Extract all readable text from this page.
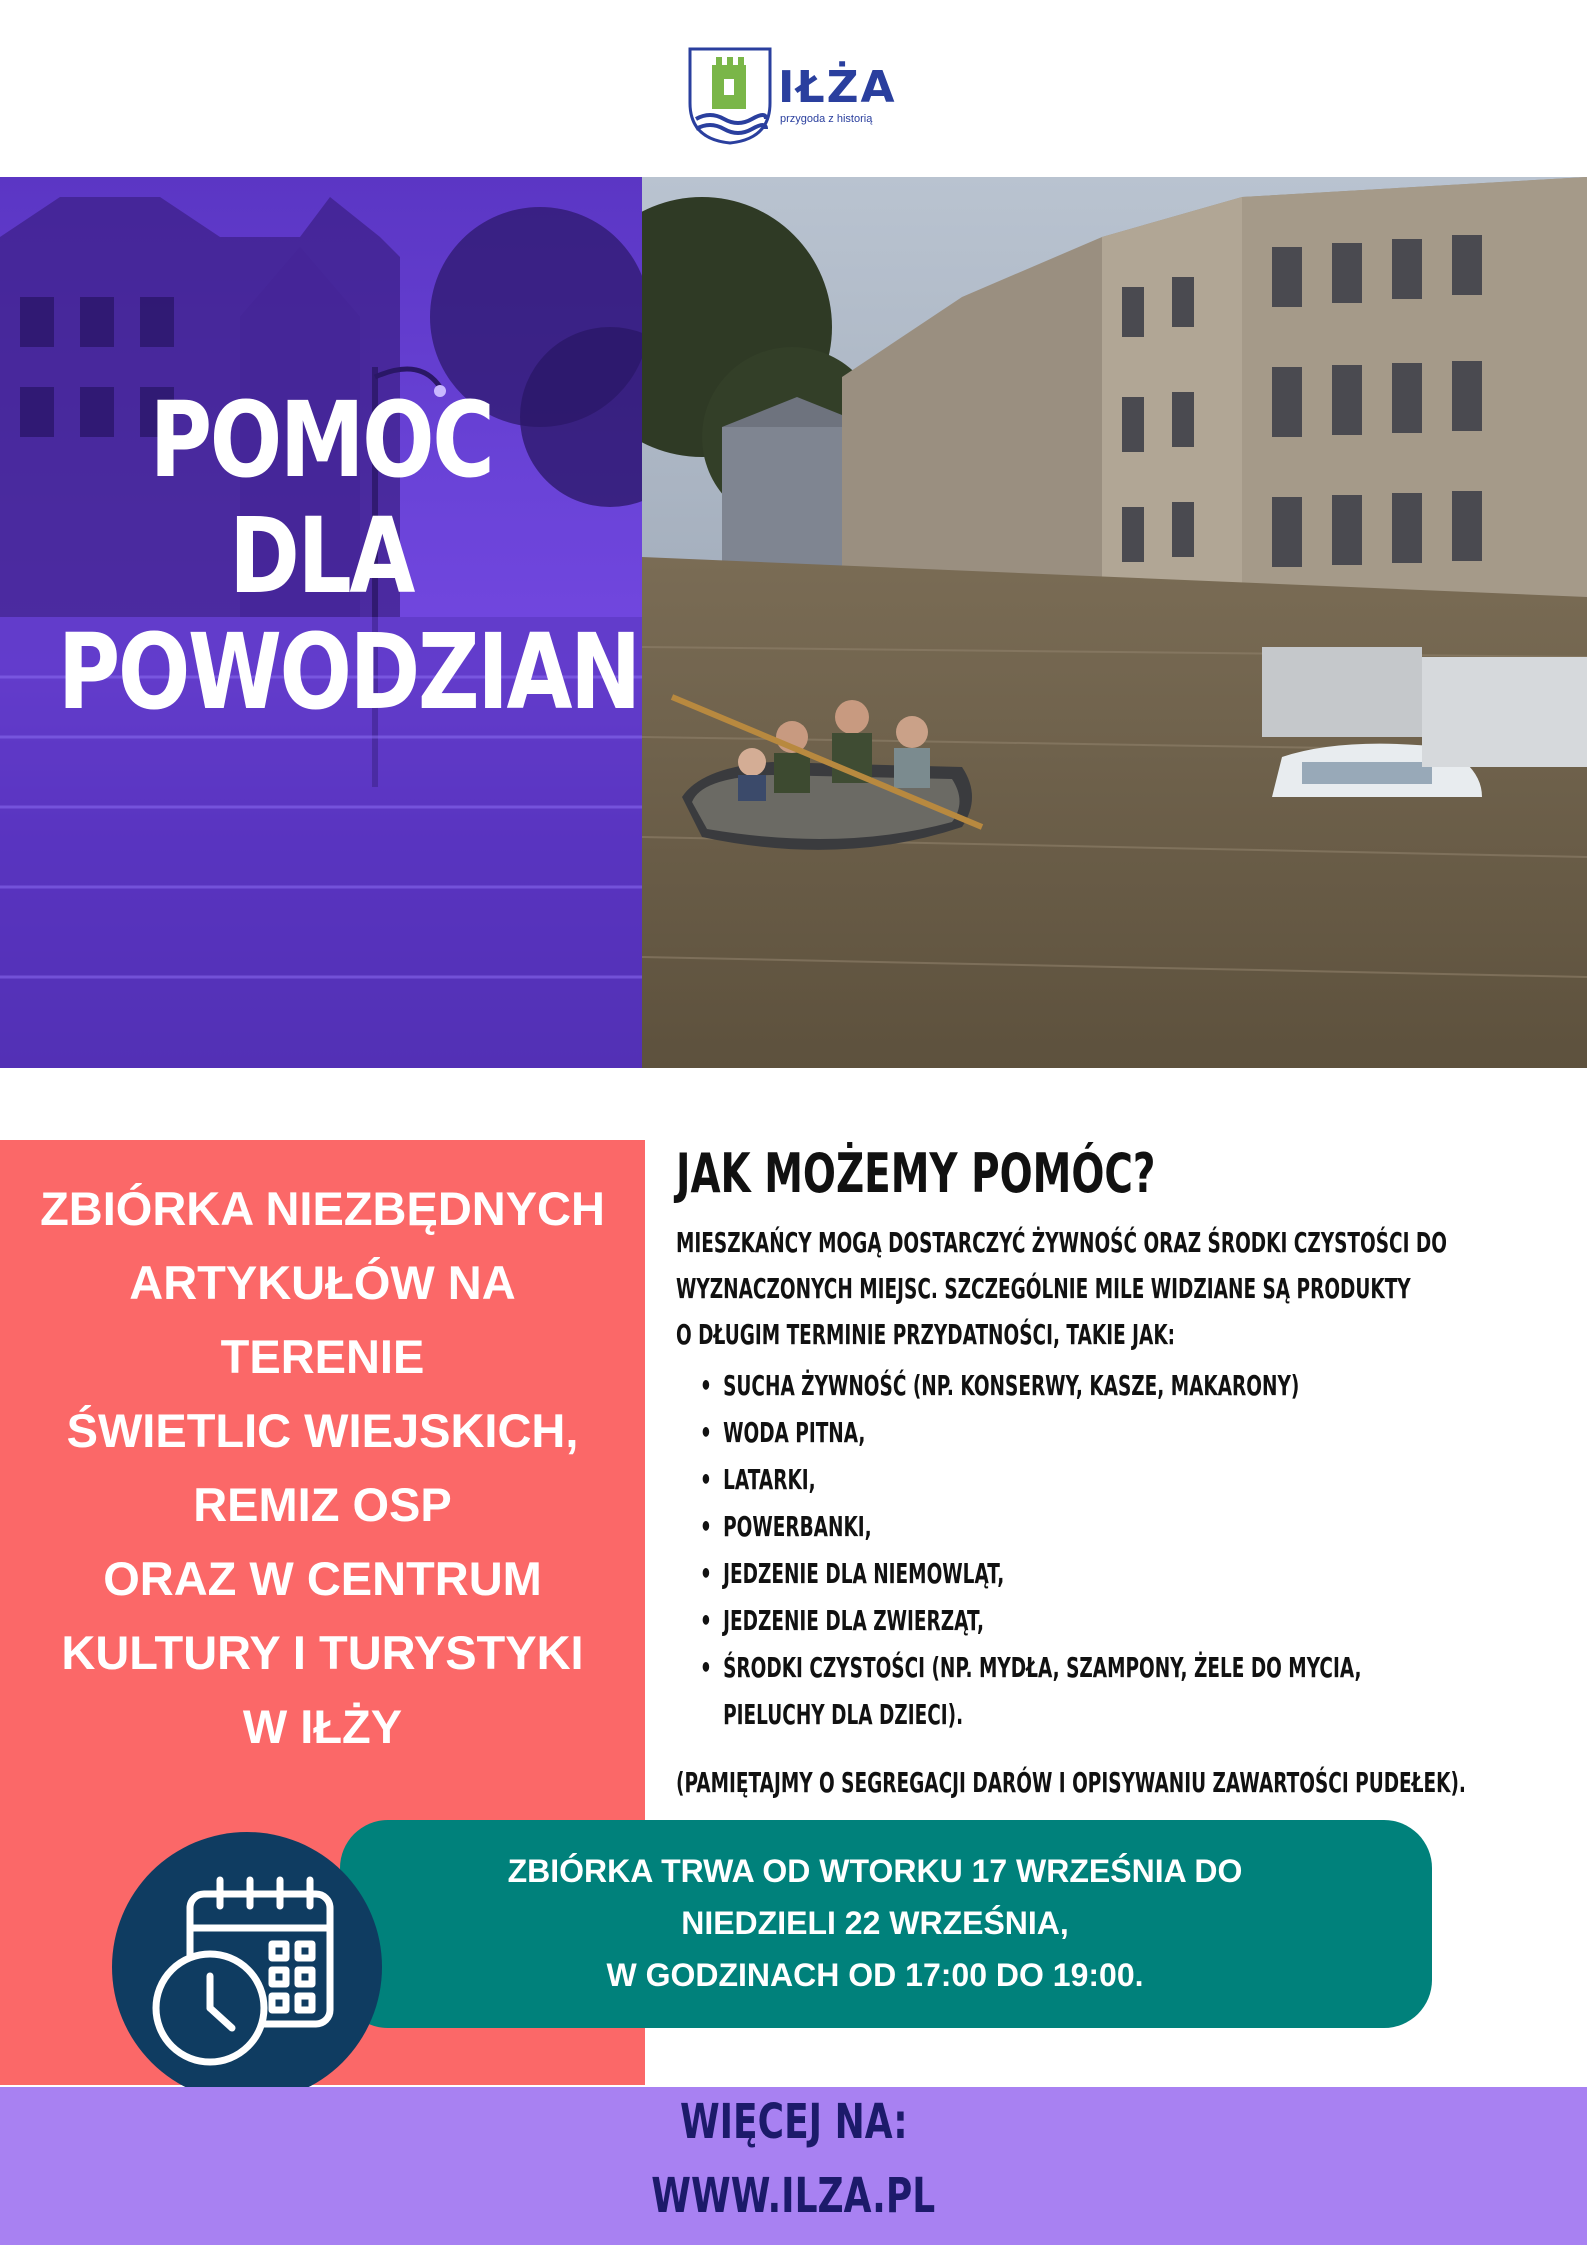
IŁŻA
przygoda z historią
POMOC
DLA
POWODZIAN
ZBIÓRKA NIEZBĘDNYCH
ARTYKUŁÓW NA
TERENIE
ŚWIETLIC WIEJSKICH,
REMIZ OSP
ORAZ W CENTRUM
KULTURY I TURYSTYKI
W IŁŻY
JAK MOŻEMY POMÓC?
MIESZKAŃCY MOGĄ DOSTARCZYĆ ŻYWNOŚĆ ORAZ ŚRODKI CZYSTOŚCI DO
WYZNACZONYCH MIEJSC. SZCZEGÓLNIE MILE WIDZIANE SĄ PRODUKTY
O DŁUGIM TERMINIE PRZYDATNOŚCI, TAKIE JAK:
• SUCHA ŻYWNOŚĆ (NP. KONSERWY, KASZE, MAKARONY)
• WODA PITNA,
• LATARKI,
• POWERBANKI,
• JEDZENIE DLA NIEMOWLĄT,
• JEDZENIE DLA ZWIERZĄT,
• ŚRODKI CZYSTOŚCI (NP. MYDŁA, SZAMPONY, ŻELE DO MYCIA,
PIELUCHY DLA DZIECI).
(PAMIĘTAJMY O SEGREGACJI DARÓW I OPISYWANIU ZAWARTOŚCI PUDEŁEK).
ZBIÓRKA TRWA OD WTORKU 17 WRZEŚNIA DO
NIEDZIELI 22 WRZEŚNIA,
W GODZINACH OD 17:00 DO 19:00.
WIĘCEJ NA:
WWW.ILZA.PL
